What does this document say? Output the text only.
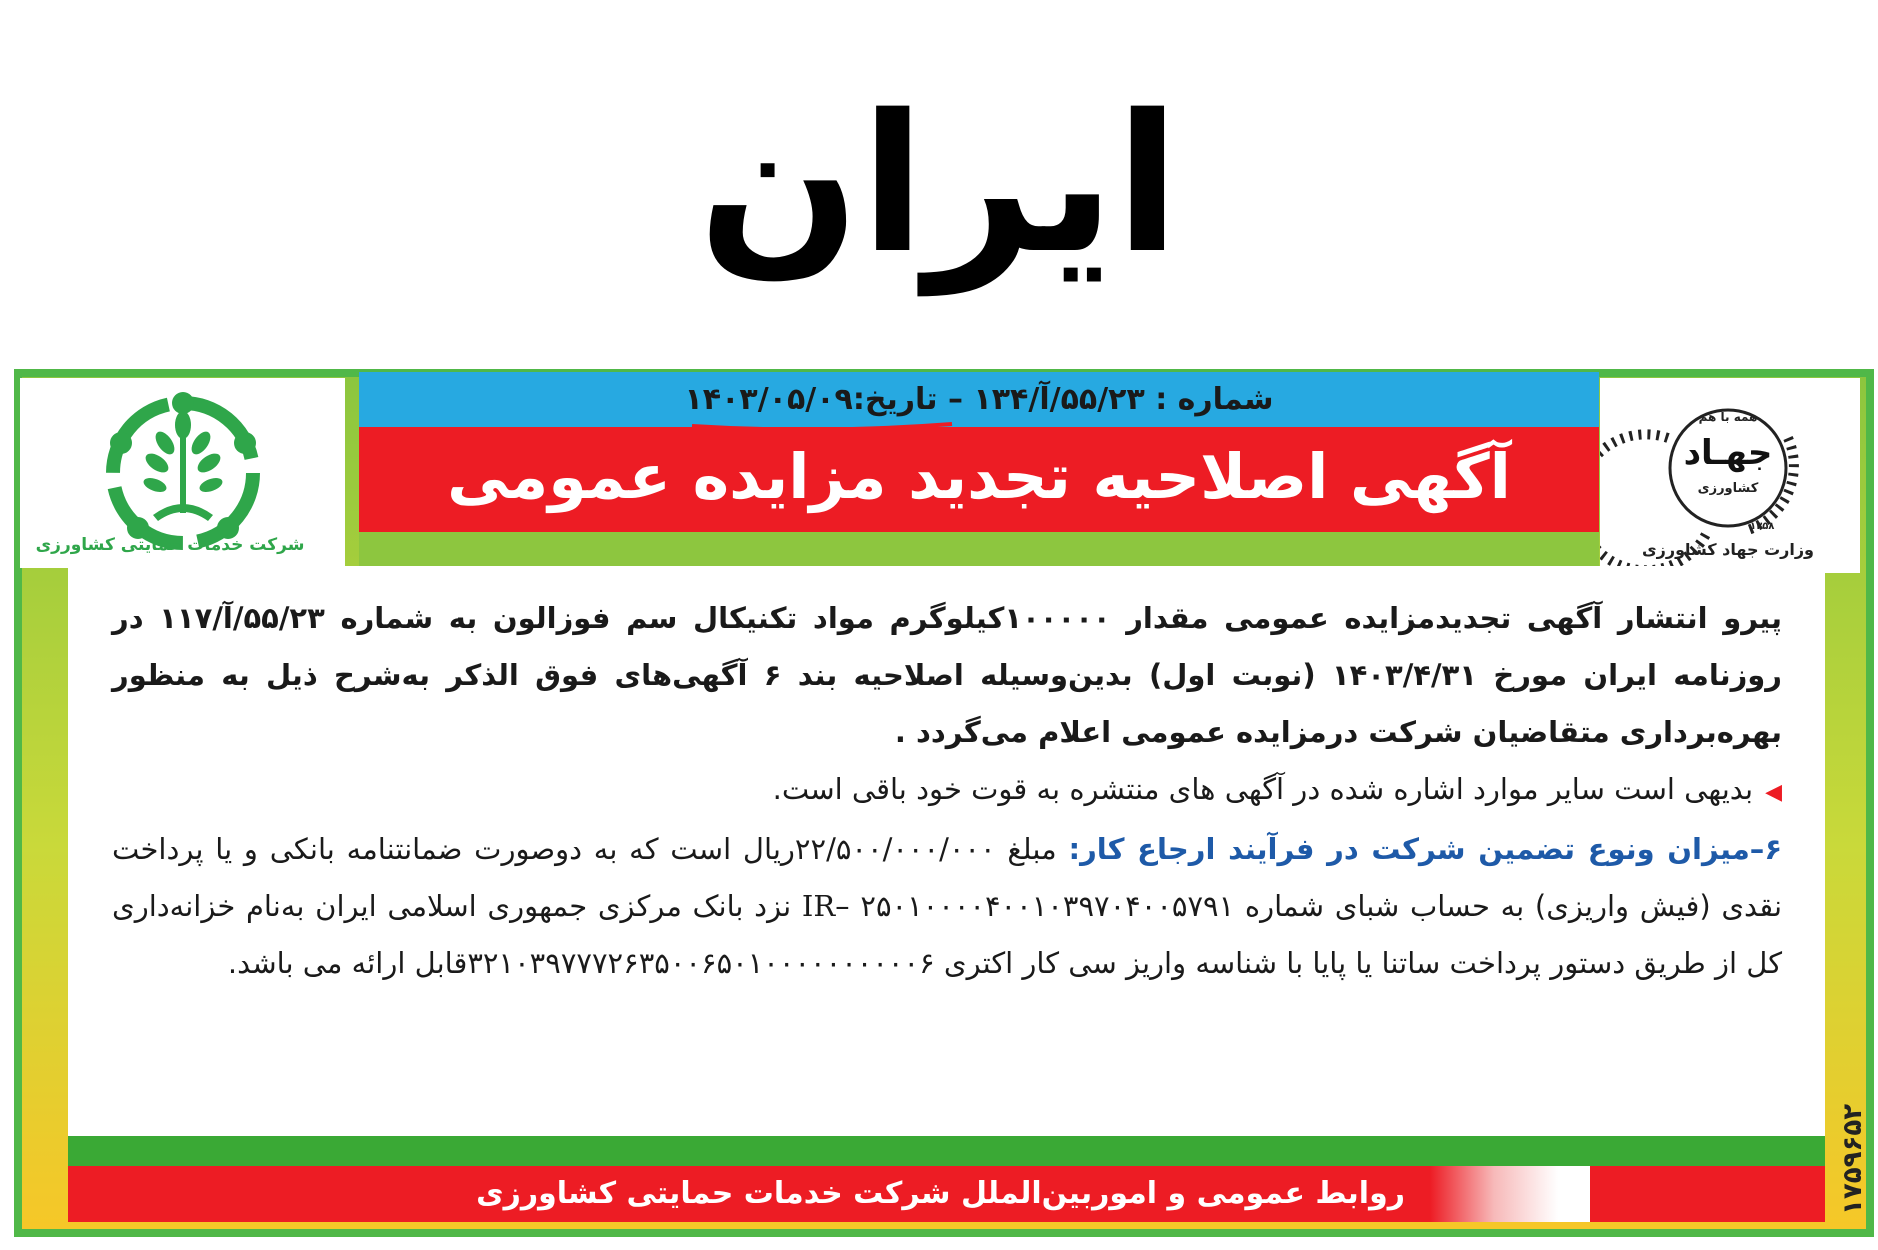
ایران
شرکت خدمات حمایتی کشاورزی
همه با هم
جهـاد
کشاورزی
۱۳۵۸
وزارت جهاد کشاورزی
شماره : ۵۵/۲۳/آ/۱۳۴ – تاریخ:۱۴۰۳/۰۵/۰۹
آگهی اصلاحیه تجدید مزایده عمومی

پیرو انتشار آگهی تجدیدمزایده عمومی مقدار ۱۰۰۰۰۰کیلوگرم مواد تکنیکال سم فوزالون به شماره ۵۵/۲۳/آ/۱۱۷ در روزنامه ایران مورخ ۱۴۰۳/۴/۳۱ (نوبت اول) بدین‌وسیله اصلاحیه بند ۶ آگهی‌های فوق الذکر به‌شرح ذیل به منظور بهره‌برداری متقاضیان شرکت درمزایده عمومی اعلام می‌گردد .

◀بدیهی است سایر موارد اشاره شده در آگهی های منتشره به قوت خود باقی است.

۶–میزان ونوع تضمین شرکت در فرآیند ارجاع کار: مبلغ ۲۲/۵۰۰/۰۰۰/۰۰۰ریال است که به دوصورت ضمانتنامه بانکی و یا پرداخت نقدی (فیش واریزی) به حساب شبای شماره ۲۵۰۱۰۰۰۰۴۰۰۱۰۳۹۷۰۴۰۰۵۷۹۱ –IR نزد بانک مرکزی جمهوری اسلامی ایران به‌نام خزانه‌داری کل از طریق دستور پرداخت ساتنا یا پایا با شناسه واریز سی کار اکتری ۳۲۱۰۳۹۷۷۷۲۶۳۵۰۰۶۵۰۱۰۰۰۰۰۰۰۰۰۰۶قابل ارائه می باشد.

روابط عمومی و اموربین‌الملل شرکت خدمات حمایتی کشاورزی	۱۷۵۹۶۵۲
